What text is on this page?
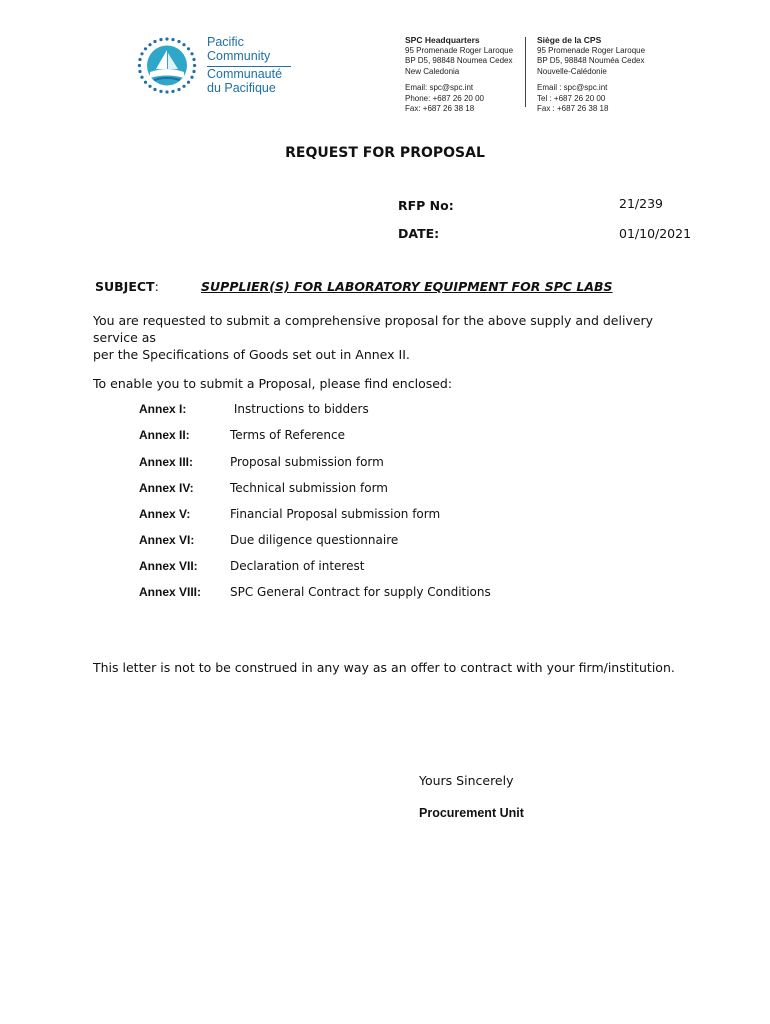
Pacific
Community
Communauté
du Pacifique
SPC Headquarters
95 Promenade Roger Laroque
BP D5, 98848 Noumea Cedex
New Caledonia
Email: spc@spc.int
Phone: +687 26 20 00
Fax: +687 26 38 18
Siège de la CPS
95 Promenade Roger Laroque
BP D5, 98848 Nouméa Cedex
Nouvelle-Calédonie
Email : spc@spc.int
Tel : +687 26 20 00
Fax : +687 26 38 18
REQUEST FOR PROPOSAL
RFP No:	21/239
DATE:	01/10/2021
SUBJECT:	SUPPLIER(S) FOR LABORATORY EQUIPMENT FOR SPC LABS
You are requested to submit a comprehensive proposal for the above supply and delivery service as
per the Specifications of Goods set out in Annex II.
To enable you to submit a Proposal, please find enclosed:
Annex I:	Instructions to bidders
Annex II:	Terms of Reference
Annex III:	Proposal submission form
Annex IV:	Technical submission form
Annex V:	Financial Proposal submission form
Annex VI:	Due diligence questionnaire
Annex VII:	Declaration of interest
Annex VIII: SPC General Contract for supply Conditions
This letter is not to be construed in any way as an offer to contract with your firm/institution.
Yours Sincerely
Procurement Unit
